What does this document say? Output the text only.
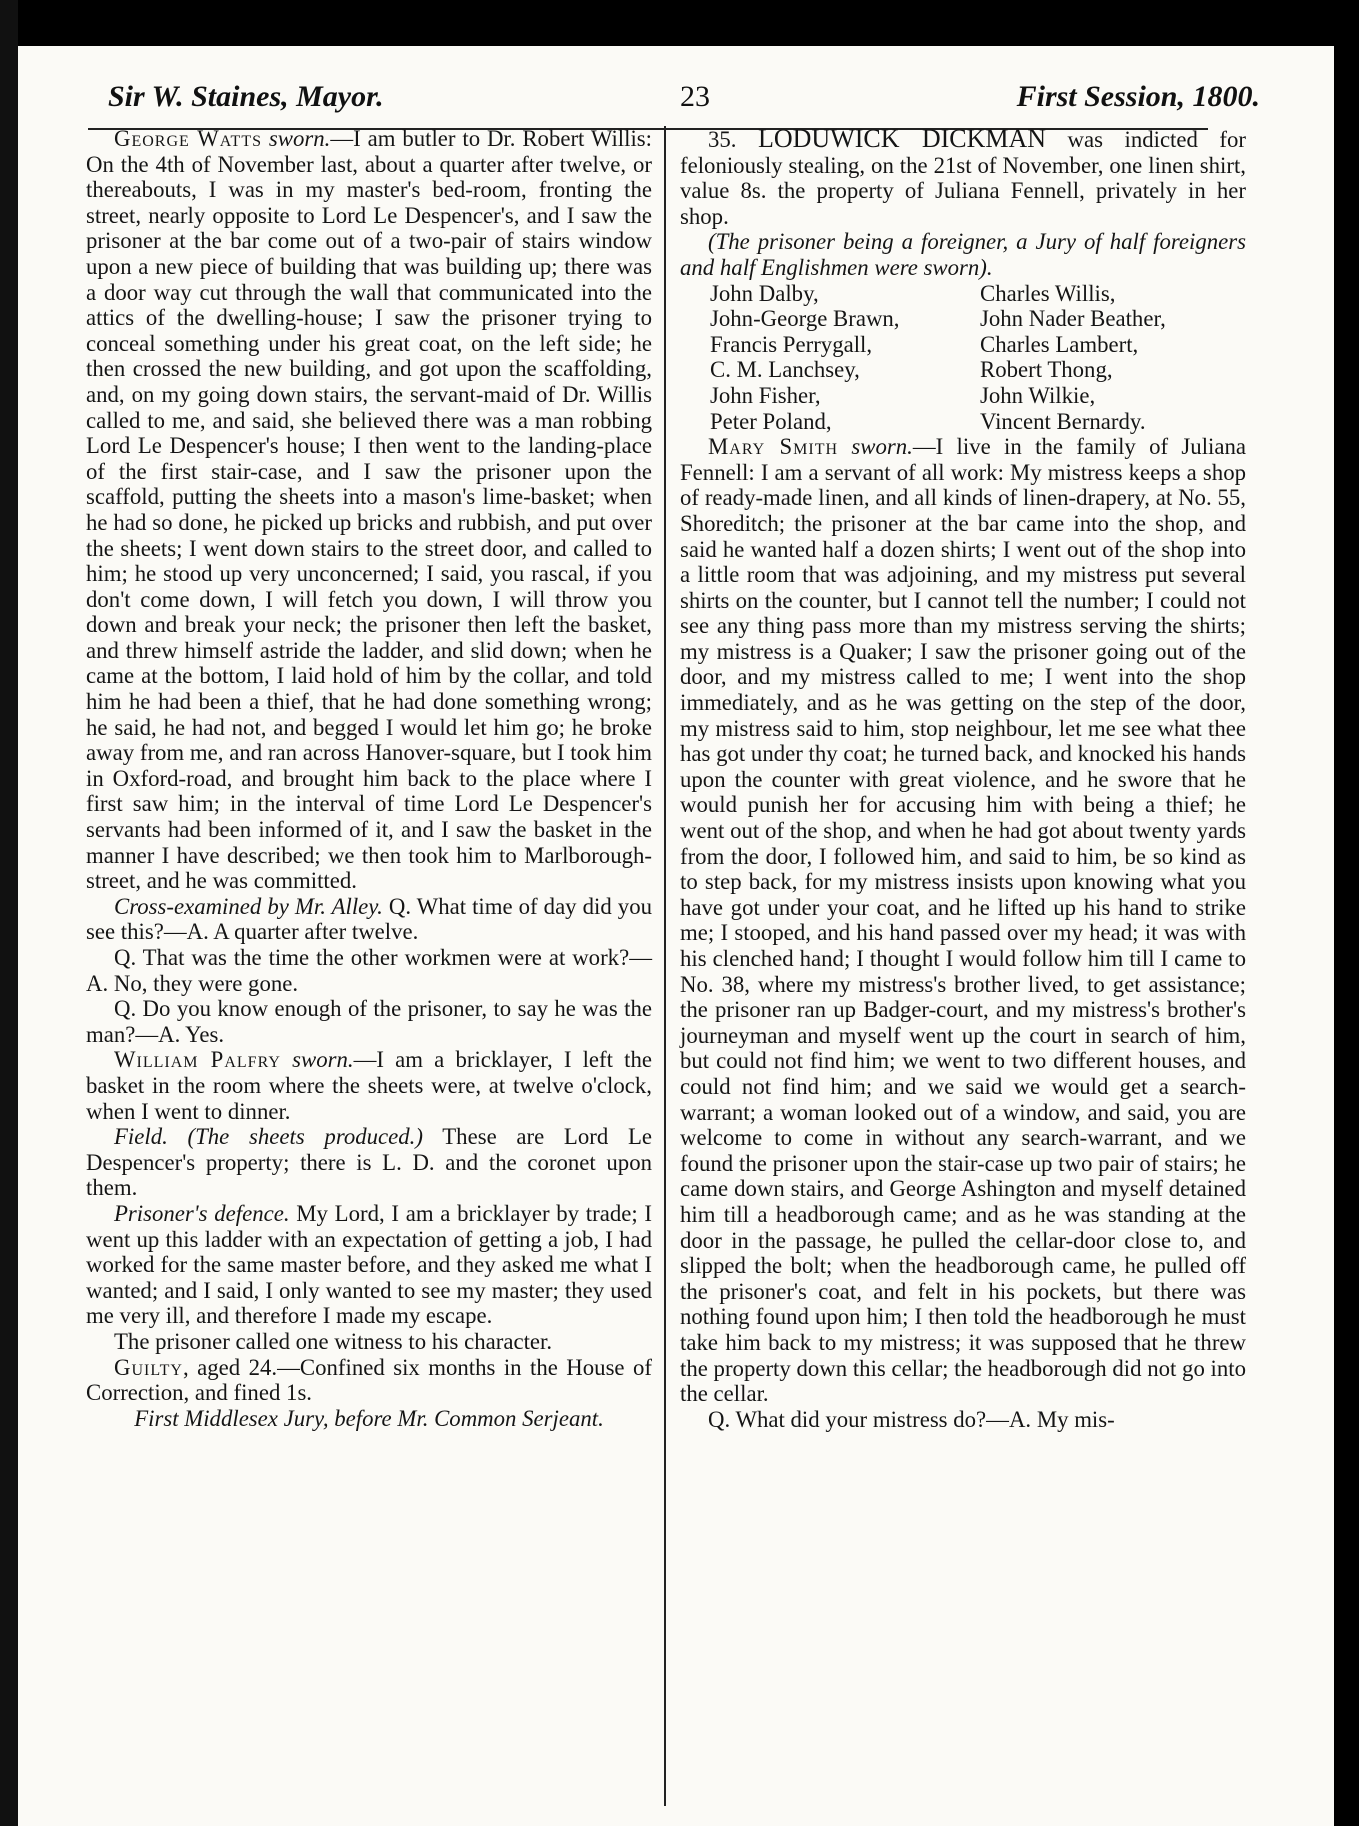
Sir W. Staines, Mayor.	23	First Session, 1800.

George Watts sworn.—I am butler to Dr. Robert Willis: On the 4th of November last, about a quarter after twelve, or thereabouts, I was in my master's bed-room, fronting the street, nearly opposite to Lord Le Despencer's, and I saw the prisoner at the bar come out of a two-pair of stairs window upon a new piece of building that was building up; there was a door way cut through the wall that communicated into the attics of the dwelling-house; I saw the prisoner trying to conceal something under his great coat, on the left side; he then crossed the new building, and got upon the scaffolding, and, on my going down stairs, the servant-maid of Dr. Willis called to me, and said, she believed there was a man robbing Lord Le Despencer's house; I then went to the landing-place of the first stair-case, and I saw the prisoner upon the scaffold, putting the sheets into a mason's lime-basket; when he had so done, he picked up bricks and rubbish, and put over the sheets; I went down stairs to the street door, and called to him; he stood up very unconcerned; I said, you rascal, if you don't come down, I will fetch you down, I will throw you down and break your neck; the prisoner then left the basket, and threw himself astride the ladder, and slid down; when he came at the bottom, I laid hold of him by the collar, and told him he had been a thief, that he had done something wrong; he said, he had not, and begged I would let him go; he broke away from me, and ran across Hanover-square, but I took him in Oxford-road, and brought him back to the place where I first saw him; in the interval of time Lord Le Despencer's servants had been informed of it, and I saw the basket in the manner I have described; we then took him to Marlborough-street, and he was committed.

Cross-examined by Mr. Alley. Q. What time of day did you see this?—A. A quarter after twelve.

Q. That was the time the other workmen were at work?—A. No, they were gone.

Q. Do you know enough of the prisoner, to say he was the man?—A. Yes.

William Palfry sworn.—I am a bricklayer, I left the basket in the room where the sheets were, at twelve o'clock, when I went to dinner.

Field. (The sheets produced.) These are Lord Le Despencer's property; there is L. D. and the coronet upon them.

Prisoner's defence. My Lord, I am a bricklayer by trade; I went up this ladder with an expectation of getting a job, I had worked for the same master before, and they asked me what I wanted; and I said, I only wanted to see my master; they used me very ill, and therefore I made my escape.

The prisoner called one witness to his character.

Guilty, aged 24.—Confined six months in the House of Correction, and fined 1s.

First Middlesex Jury, before Mr. Common Serjeant.

35. LODUWICK DICKMAN was indicted for feloniously stealing, on the 21st of November, one linen shirt, value 8s. the property of Juliana Fennell, privately in her shop.

(The prisoner being a foreigner, a Jury of half foreigners and half Englishmen were sworn).

John Dalby,	Charles Willis,
John-George Brawn,	John Nader Beather,
Francis Perrygall,	Charles Lambert,
C. M. Lanchsey,	Robert Thong,
John Fisher,	John Wilkie,
Peter Poland,	Vincent Bernardy.

Mary Smith sworn.—I live in the family of Juliana Fennell: I am a servant of all work: My mistress keeps a shop of ready-made linen, and all kinds of linen-drapery, at No. 55, Shoreditch; the prisoner at the bar came into the shop, and said he wanted half a dozen shirts; I went out of the shop into a little room that was adjoining, and my mistress put several shirts on the counter, but I cannot tell the number; I could not see any thing pass more than my mistress serving the shirts; my mistress is a Quaker; I saw the prisoner going out of the door, and my mistress called to me; I went into the shop immediately, and as he was getting on the step of the door, my mistress said to him, stop neighbour, let me see what thee has got under thy coat; he turned back, and knocked his hands upon the counter with great violence, and he swore that he would punish her for accusing him with being a thief; he went out of the shop, and when he had got about twenty yards from the door, I followed him, and said to him, be so kind as to step back, for my mistress insists upon knowing what you have got under your coat, and he lifted up his hand to strike me; I stooped, and his hand passed over my head; it was with his clenched hand; I thought I would follow him till I came to No. 38, where my mistress's brother lived, to get assistance; the prisoner ran up Badger-court, and my mistress's brother's journeyman and myself went up the court in search of him, but could not find him; we went to two different houses, and could not find him; and we said we would get a search-warrant; a woman looked out of a window, and said, you are welcome to come in without any search-warrant, and we found the prisoner upon the stair-case up two pair of stairs; he came down stairs, and George Ashington and myself detained him till a headborough came; and as he was standing at the door in the passage, he pulled the cellar-door close to, and slipped the bolt; when the headborough came, he pulled off the prisoner's coat, and felt in his pockets, but there was nothing found upon him; I then told the headborough he must take him back to my mistress; it was supposed that he threw the property down this cellar; the headborough did not go into the cellar.

Q. What did your mistress do?—A. My mis-
